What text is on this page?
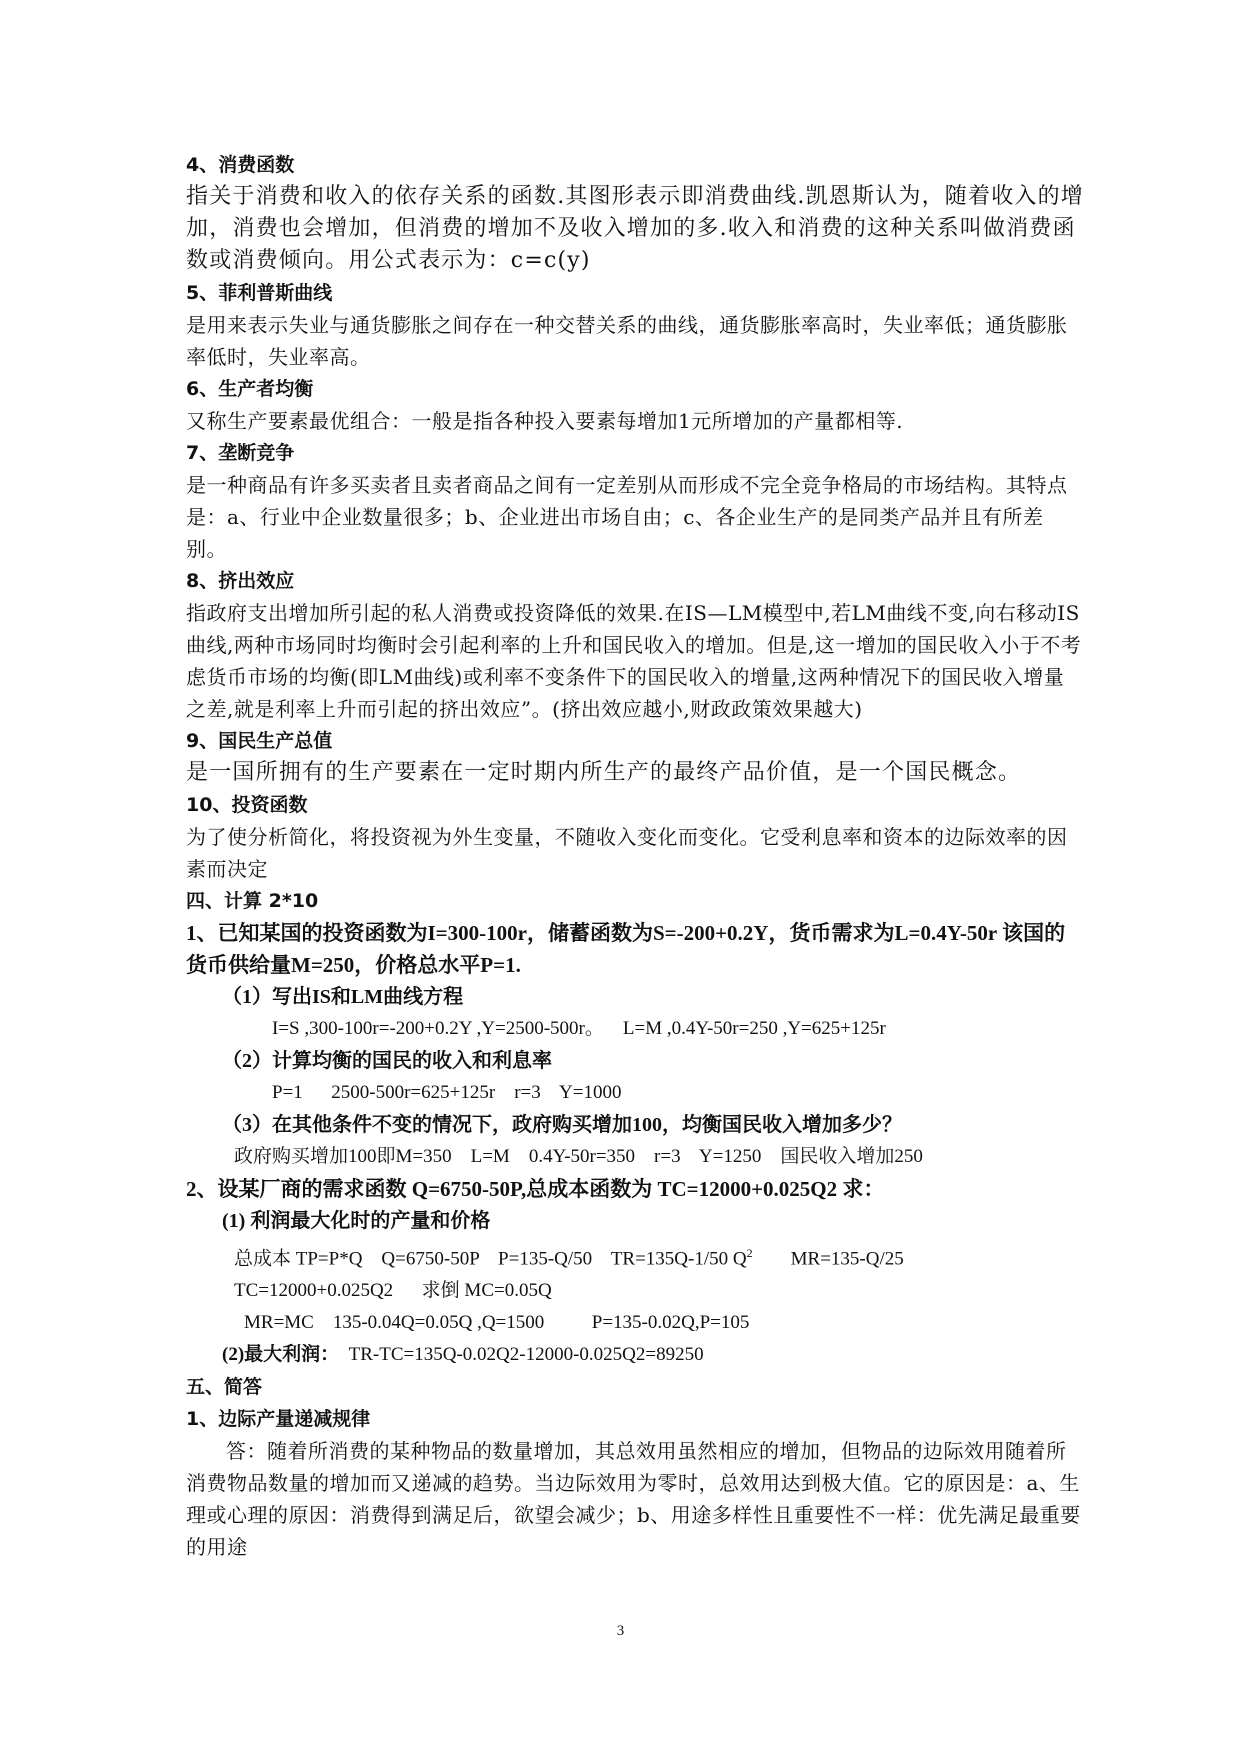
4、消费函数
指关于消费和收入的依存关系的函数.其图形表示即消费曲线.凯恩斯认为，随着收入的增加，消费也会增加，但消费的增加不及收入增加的多.收入和消费的这种关系叫做消费函数或消费倾向。用公式表示为：c=c(y)
5、菲利普斯曲线
是用来表示失业与通货膨胀之间存在一种交替关系的曲线，通货膨胀率高时，失业率低；通货膨胀率低时，失业率高。
6、生产者均衡
又称生产要素最优组合：一般是指各种投入要素每增加1元所增加的产量都相等.
7、垄断竞争
是一种商品有许多买卖者且卖者商品之间有一定差别从而形成不完全竞争格局的市场结构。其特点是：a、行业中企业数量很多；b、企业进出市场自由；c、各企业生产的是同类产品并且有所差别。
8、挤出效应
指政府支出增加所引起的私人消费或投资降低的效果.在IS—LM模型中,若LM曲线不变,向右移动IS曲线,两种市场同时均衡时会引起利率的上升和国民收入的增加。但是,这一增加的国民收入小于不考虑货币市场的均衡(即LM曲线)或利率不变条件下的国民收入的增量,这两种情况下的国民收入增量之差,就是利率上升而引起的挤出效应”。(挤出效应越小,财政政策效果越大)
9、国民生产总值
是一国所拥有的生产要素在一定时期内所生产的最终产品价值，是一个国民概念。
10、投资函数
为了使分析简化，将投资视为外生变量，不随收入变化而变化。它受利息率和资本的边际效率的因素而决定
四、计算 2*10
1、已知某国的投资函数为I=300-100r，储蓄函数为S=-200+0.2Y，货币需求为L=0.4Y-50r 该国的货币供给量M=250，价格总水平P=1.
（1）写出IS和LM曲线方程
I=S ,300-100r=-200+0.2Y ,Y=2500-500r。    L=M ,0.4Y-50r=250 ,Y=625+125r
（2）计算均衡的国民的收入和利息率
P=1      2500-500r=625+125r    r=3    Y=1000
（3）在其他条件不变的情况下，政府购买增加100，均衡国民收入增加多少？
政府购买增加100即M=350    L=M    0.4Y-50r=350    r=3    Y=1250    国民收入增加250
2、设某厂商的需求函数 Q=6750-50P,总成本函数为 TC=12000+0.025Q2 求：
(1) 利润最大化时的产量和价格
总成本 TP=P*Q    Q=6750-50P    P=135-Q/50    TR=135Q-1/50 $Q^2$        MR=135-Q/25
TC=12000+0.025Q2      求倒 MC=0.05Q
MR=MC    135-0.04Q=0.05Q ,Q=1500          P=135-0.02Q,P=105
(2)最大利润：  TR-TC=135Q-0.02Q2-12000-0.025Q2=89250
五、简答
1、边际产量递减规律
答：随着所消费的某种物品的数量增加，其总效用虽然相应的增加，但物品的边际效用随着所消费物品数量的增加而又递减的趋势。当边际效用为零时，总效用达到极大值。它的原因是：a、生理或心理的原因：消费得到满足后，欲望会减少；b、用途多样性且重要性不一样：优先满足最重要的用途
3
